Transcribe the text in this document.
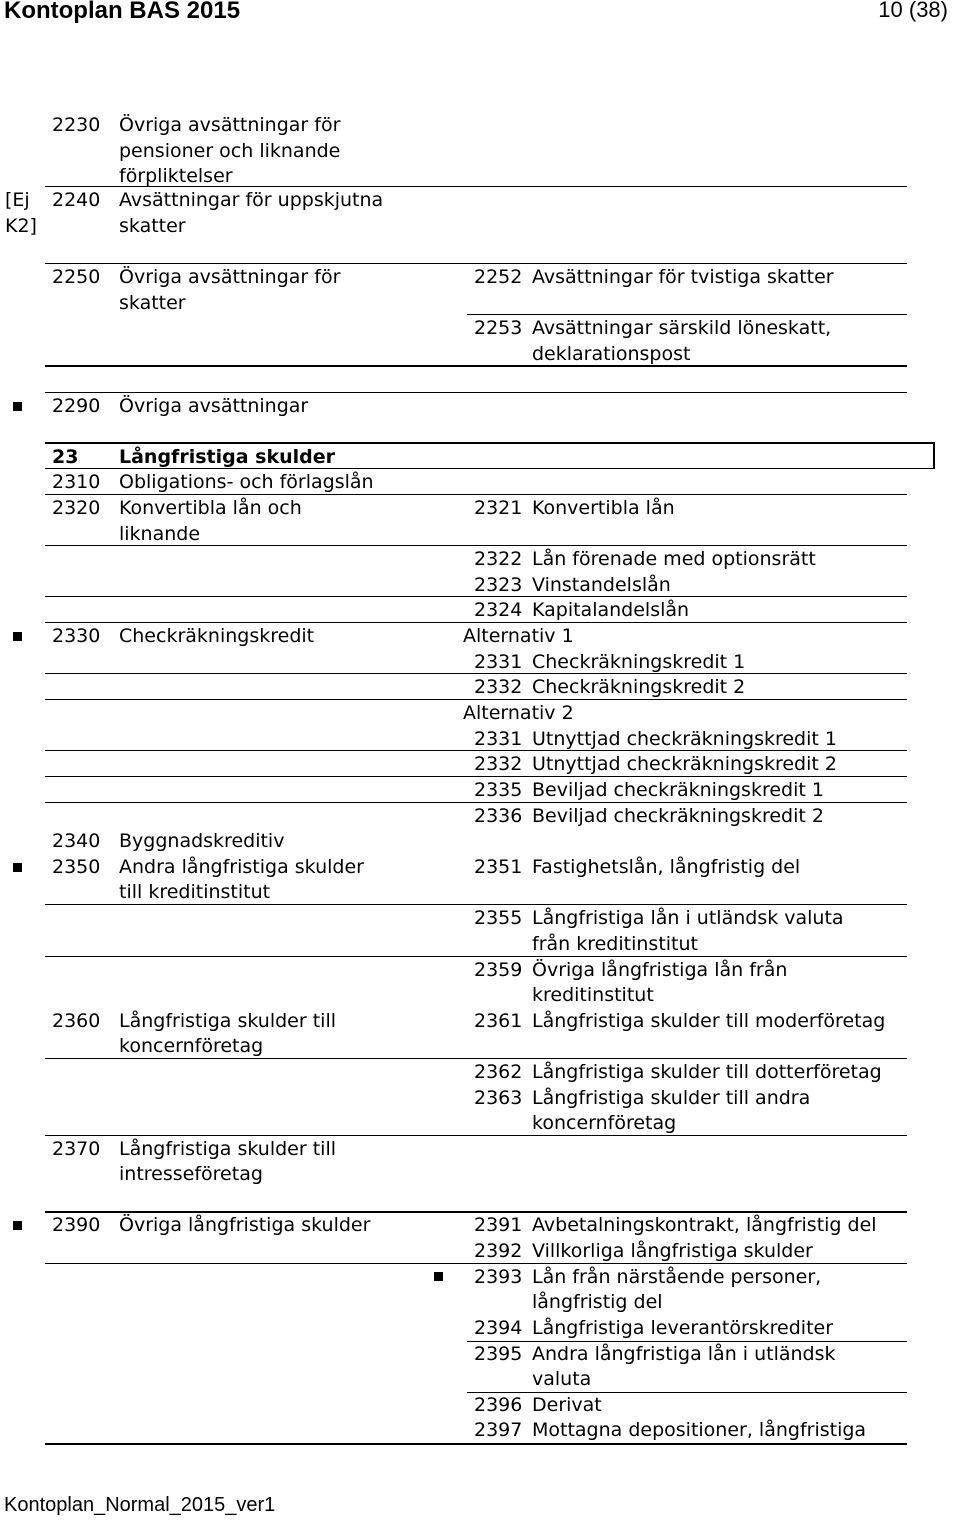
Kontoplan BAS 2015	10 (38)
Kontoplan_Normal_2015_ver1
[Ej
K2]
2230 Övriga avsättningar för
pensioner och liknande
förpliktelser
2240 Avsättningar för uppskjutna
skatter
2250 Övriga avsättningar för
skatter
2290 Övriga avsättningar
23 Långfristiga skulder
2310 Obligations- och förlagslån
2320 Konvertibla lån och
liknande
2330 Checkräkningskredit
2340 Byggnadskreditiv
2350 Andra långfristiga skulder
till kreditinstitut
2360 Långfristiga skulder till
koncernföretag
2370 Långfristiga skulder till
intresseföretag
2390 Övriga långfristiga skulder
2252 Avsättningar för tvistiga skatter
2253 Avsättningar särskild löneskatt,
deklarationspost
2321 Konvertibla lån
2322 Lån förenade med optionsrätt
2323 Vinstandelslån
2324 Kapitalandelslån
Alternativ 1
2331 Checkräkningskredit 1
2332 Checkräkningskredit 2
Alternativ 2
2331 Utnyttjad checkräkningskredit 1
2332 Utnyttjad checkräkningskredit 2
2335 Beviljad checkräkningskredit 1
2336 Beviljad checkräkningskredit 2
2351 Fastighetslån, långfristig del
2355 Långfristiga lån i utländsk valuta
från kreditinstitut
2359 Övriga långfristiga lån från
kreditinstitut
2361 Långfristiga skulder till moderföretag
2362 Långfristiga skulder till dotterföretag
2363 Långfristiga skulder till andra
koncernföretag
2391 Avbetalningskontrakt, långfristig del
2392 Villkorliga långfristiga skulder
2393 Lån från närstående personer,
långfristig del
2394 Långfristiga leverantörskrediter
2395 Andra långfristiga lån i utländsk
valuta
2396 Derivat
2397 Mottagna depositioner, långfristiga
